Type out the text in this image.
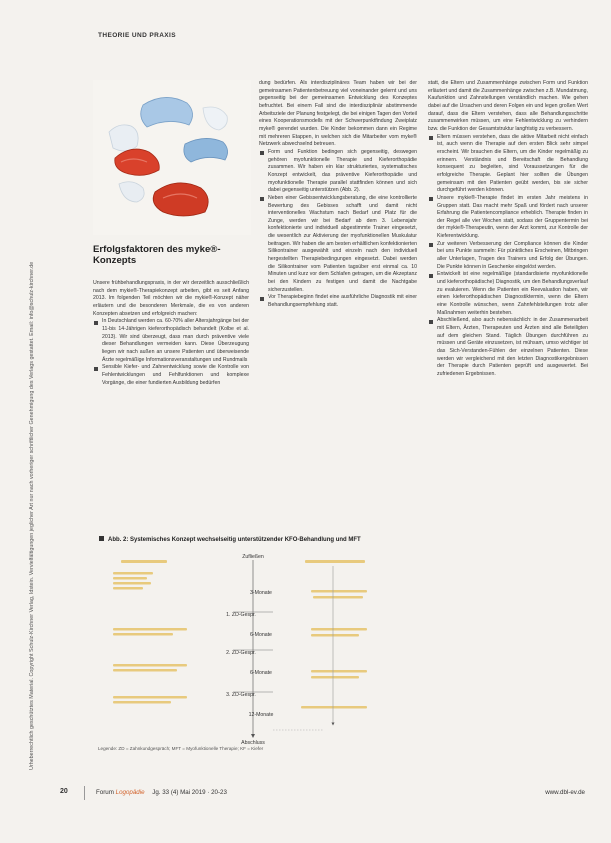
THEORIE UND PRAXIS
Urheberrechtlich geschütztes Material. Copyright Schulz-Kirchner Verlag, Idstein. Vervielfältigungen jeglicher Art nur nach vorheriger schriftlicher Genehmigung des Verlags gestattet. Email: info@schulz-kirchner.de
Erfolgsfaktoren des myke®-Konzepts

Unsere frühbehandlungspraxis, in der wir derzeitlich ausschließlich nach dem mykie®-Therapiekonzept arbeiten, gibt es seit Anfang 2013. Im folgenden Teil möchten wir die mykie®-Konzept näher erläutern und die besonderen Merkmale, die es von anderen Konzepten absetzen und erfolgreich machen:

In Deutschland werden ca. 60-70% aller Altersjahrgänge bei der 11-bis 14-Jährigen kieferorthopädisch behandelt (Kolbe et al. 2013). Wir sind überzeugt, dass man durch präventive viele dieser Behandlungen vermeiden kann. Diese Überzeugung liegen wir nach außen an unsere Patienten und überweisende Ärzte regelmäßige Informationsveranstaltungen und Rundmails
Sensible Kiefer- und Zahnentwicklung sowie die Kontrolle von Fehlentwicklungen und Fehlfunktionen und komplexe Vorgänge, die einer fundierten Ausbildung bedürfen

dung bedürfen. Als interdisziplinäres Team haben wir bei der gemeinsamen Patientenbetreuung viel voneinander gelernt und uns gegenseitig bei der gemeinsamen Entwicklung des Konzeptes befruchtet. Bei einem Fall sind die interdisziplinär abstimmende Arbeitsziele der Planung festgelegt, die bei einigen Tagen den Vorteil eines Kooperationsmodells mit der Schwerpunktfindung Zweiplatz myke® gerendet wurden. Die Kinder bekommen dann ein Regime mit mehreren Etappen, in welchen sich die Mitarbeiter vom myke® Netzwerk abwechselnd betreuen.

Form und Funktion bedingen sich gegenseitig, deswegen gehören myofunktionelle Therapie und Kieferorthopädie zusammen. Wir haben ein klar strukturiertes, systematisches Konzept entwickelt, das präventive Kieferorthopädie und myofunktionelle Therapie parallel stattfinden können und sich dabei gegenseitig unterstützen (Abb. 2).
Neben einer Gebissentwicklungsberatung, die eine kontrollierte Bewertung des Gebisses schafft und damit nicht interventionelles Wachstum nach Bedarf und Platz für die Zunge, werden wir bei Bedarf ab dem 3. Lebensjahr konfektionierte und individuell abgestimmte Trainer eingesetzt, die wesentlich zur Aktivierung der myofunktionellen Muskulatur beitragen. Wir haben die am besten erhältlichen konfektionierten Silikontrainer ausgewählt und einzeln nach den individuell hergestellten Therapiebedingungen eingesetzt. Dabei werden die Silikontrainer vom Patienten tagsüber erst einmal ca. 10 Minuten und kurz vor dem Schlafen getragen, um die Akzeptanz bei den Kindern zu festigen und damit die Nachtgabe sicherzustellen.
Vor Therapiebeginn findet eine ausführliche Diagnostik mit einer Behandlungsempfehlung statt.

statt, die Eltern und Zusammenhänge zwischen Form und Funktion erläutert und damit die Zusammenhänge zwischen z.B. Mundatmung, Kaufunktion und Zahnstellungen verständlich machen. Wie gehen dabei auf die Ursachen und deren Folgen ein und legen großen Wert darauf, dass die Eltern verstehen, dass alle Behandlungsschritte zusammenwirken müssen, um eine Fehlentwicklung zu verhindern bzw. die Funktion der Gesamtstruktur langfristig zu verbessern.

Eltern müssen verstehen, dass die aktive Mitarbeit nicht einfach ist, auch wenn die Therapie auf den ersten Blick sehr simpel erscheint. Wir brauchen die Eltern, um die Kinder regelmäßig zu erinnern. Verständnis und Bereitschaft die Behandlung konsequent zu begleiten, sind Voraussetzungen für die erfolgreiche Therapie. Geplant hier sollten die Übungen gemeinsam mit den Patienten geübt werden, bis sie sicher durchgeführt werden können.
Unsere mykie®-Therapie findet im ersten Jahr meistens in Gruppen statt. Das macht mehr Spaß und fördert nach unserer Erfahrung die Patientencompliance erheblich. Therapie finden in der Regel alle vier Wochen statt, sodass der Gruppentermin bei der mykie®-Therapeutin, wenn der Arzt kommt, zur Kontrolle der Kieferentwicklung.
Zur weiteren Verbesserung der Compliance können die Kinder bei uns Punkte sammeln: Für pünktliches Erscheinen, Mitbringen aller Unterlagen, Tragen des Trainers und Erfolg der Übungen. Die Punkte können in Geschenke eingelöst werden.
Entwickelt ist eine regelmäßige (standardisierte myofunktionelle und kieferorthopädische) Diagnostik, um den Behandlungsverlauf zu evaluieren. Wenn die Patienten ein Reevaluation haben, wir einen kieferorthopädischen Diagnostiktermin, wenn die Eltern eine Kontrolle wünschen, wenn Zahnfehlstellungen trotz aller Maßnahmen weiterhin bestehen.
Abschließend, also auch nebensächlich: in der Zusammenarbeit mit Eltern, Ärzten, Therapeuten und Ärzten sind alle Beteiligten auf dem gleichen Stand. Täglich Übungen durchführen zu müssen und Geräte einzusetzen, ist mühsam, umso wichtiger ist das Sich-Verstanden-Fühlen der einzelnen Patienten. Diese werden wir vergleichend mit den letzten Diagnostikergebnissen der Therapie durch Patienten geprüft und ausgewertet. Bei zufriedenen Ergebnissen.
Abb. 2: Systemisches Konzept wechselseitig unterstützender KFO-Behandlung und MFT
Zufließen
3-Monate
1. ZD-Gespr.
6-Monate
2. ZD-Gespr.
6-Monate
3. ZD-Gespr.
12-Monate
Abschluss
Legende: ZD = Zahnkundgespräch; MFT = Myofunktionelle Therapie; KF = Kiefer
20	Forum Logopädie Jg. 33 (4) Mai 2019 · 20-23	www.dbl-ev.de
